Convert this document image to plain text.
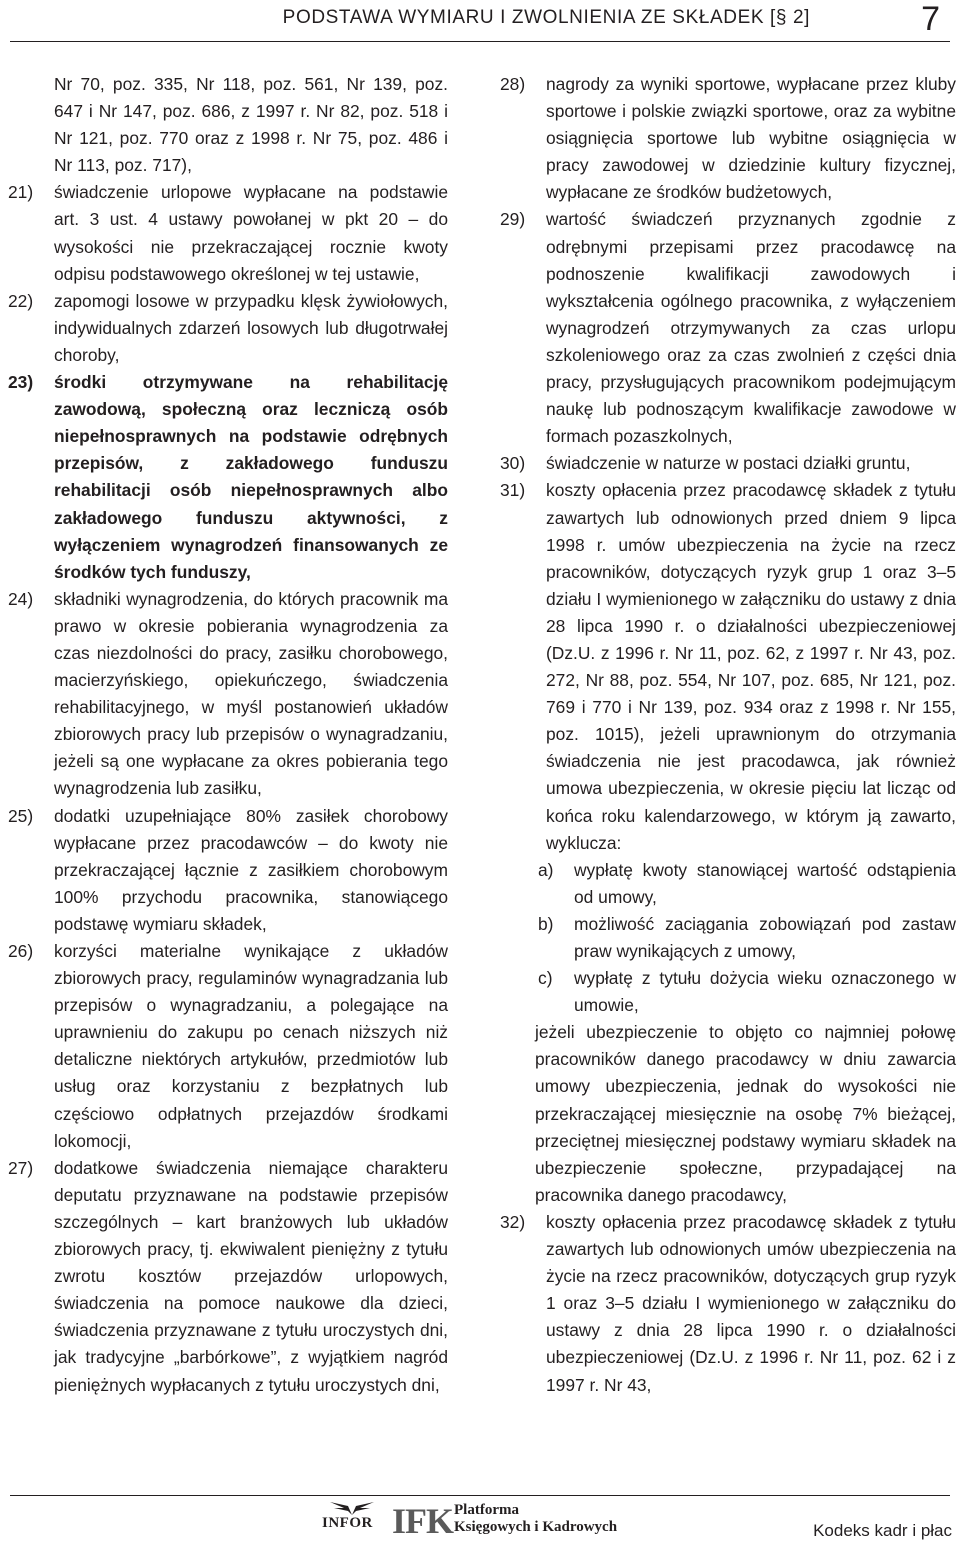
PODSTAWA WYMIARU I ZWOLNIENIA ZE SKŁADEK [§ 2]	7
Nr 70, poz. 335, Nr 118, poz. 561, Nr 139, poz. 647 i Nr 147, poz. 686, z 1997 r. Nr 82, poz. 518 i Nr 121, poz. 770 oraz z 1998 r. Nr 75, poz. 486 i Nr 113, poz. 717),
21) świadczenie urlopowe wypłacane na podstawie art. 3 ust. 4 ustawy powołanej w pkt 20 – do wysokości nie przekraczającej rocznie kwoty odpisu podstawowego określonej w tej ustawie,
22) zapomogi losowe w przypadku klęsk żywiołowych, indywidualnych zdarzeń losowych lub długotrwałej choroby,
23) środki otrzymywane na rehabilitację zawodową, społeczną oraz leczniczą osób niepełnosprawnych na podstawie odrębnych przepisów, z zakładowego funduszu rehabilitacji osób niepełnosprawnych albo zakładowego funduszu aktywności, z wyłączeniem wynagrodzeń finansowanych ze środków tych funduszy,
24) składniki wynagrodzenia, do których pracownik ma prawo w okresie pobierania wynagrodzenia za czas niezdolności do pracy, zasiłku chorobowego, macierzyńskiego, opiekuńczego, świadczenia rehabilitacyjnego, w myśl postanowień układów zbiorowych pracy lub przepisów o wynagradzaniu, jeżeli są one wypłacane za okres pobierania tego wynagrodzenia lub zasiłku,
25) dodatki uzupełniające 80% zasiłek chorobowy wypłacane przez pracodawców – do kwoty nie przekraczającej łącznie z zasiłkiem chorobowym 100% przychodu pracownika, stanowiącego podstawę wymiaru składek,
26) korzyści materialne wynikające z układów zbiorowych pracy, regulaminów wynagradzania lub przepisów o wynagradzaniu, a polegające na uprawnieniu do zakupu po cenach niższych niż detaliczne niektórych artykułów, przedmiotów lub usług oraz korzystaniu z bezpłatnych lub częściowo odpłatnych przejazdów środkami lokomocji,
27) dodatkowe świadczenia niemające charakteru deputatu przyznawane na podstawie przepisów szczególnych – kart branżowych lub układów zbiorowych pracy, tj. ekwiwalent pieniężny z tytułu zwrotu kosztów przejazdów urlopowych, świadczenia na pomoce naukowe dla dzieci, świadczenia przyznawane z tytułu uroczystych dni, jak tradycyjne „barbórkowe”, z wyjątkiem nagród pieniężnych wypłacanych z tytułu uroczystych dni,
28) nagrody za wyniki sportowe, wypłacane przez kluby sportowe i polskie związki sportowe, oraz za wybitne osiągnięcia sportowe lub wybitne osiągnięcia w pracy zawodowej w dziedzinie kultury fizycznej, wypłacane ze środków budżetowych,
29) wartość świadczeń przyznanych zgodnie z odrębnymi przepisami przez pracodawcę na podnoszenie kwalifikacji zawodowych i wykształcenia ogólnego pracownika, z wyłączeniem wynagrodzeń otrzymywanych za czas urlopu szkoleniowego oraz za czas zwolnień z części dnia pracy, przysługujących pracownikom podejmującym naukę lub podnoszącym kwalifikacje zawodowe w formach pozaszkolnych,
30) świadczenie w naturze w postaci działki gruntu,
31) koszty opłacenia przez pracodawcę składek z tytułu zawartych lub odnowionych przed dniem 9 lipca 1998 r. umów ubezpieczenia na życie na rzecz pracowników, dotyczących ryzyk grup 1 oraz 3–5 działu I wymienionego w załączniku do ustawy z dnia 28 lipca 1990 r. o działalności ubezpieczeniowej (Dz.U. z 1996 r. Nr 11, poz. 62, z 1997 r. Nr 43, poz. 272, Nr 88, poz. 554, Nr 107, poz. 685, Nr 121, poz. 769 i 770 i Nr 139, poz. 934 oraz z 1998 r. Nr 155, poz. 1015), jeżeli uprawnionym do otrzymania świadczenia nie jest pracodawca, jak również umowa ubezpieczenia, w okresie pięciu lat licząc od końca roku kalendarzowego, w którym ją zawarto, wyklucza:
a) wypłatę kwoty stanowiącej wartość odstąpienia od umowy,
b) możliwość zaciągania zobowiązań pod zastaw praw wynikających z umowy,
c) wypłatę z tytułu dożycia wieku oznaczonego w umowie,
jeżeli ubezpieczenie to objęto co najmniej połowę pracowników danego pracodawcy w dniu zawarcia umowy ubezpieczenia, jednak do wysokości nie przekraczającej miesięcznie na osobę 7% bieżącej, przeciętnej miesięcznej podstawy wymiaru składek na ubezpieczenie społeczne, przypadającej na pracownika danego pracodawcy,
32) koszty opłacenia przez pracodawcę składek z tytułu zawartych lub odnowionych umów ubezpieczenia na życie na rzecz pracowników, dotyczących grup ryzyk 1 oraz 3–5 działu I wymienionego w załączniku do ustawy z dnia 28 lipca 1990 r. o działalności ubezpieczeniowej (Dz.U. z 1996 r. Nr 11, poz. 62 i z 1997 r. Nr 43,
INFOR IFK Platforma
Księgowych i Kadrowych	Kodeks kadr i płac
